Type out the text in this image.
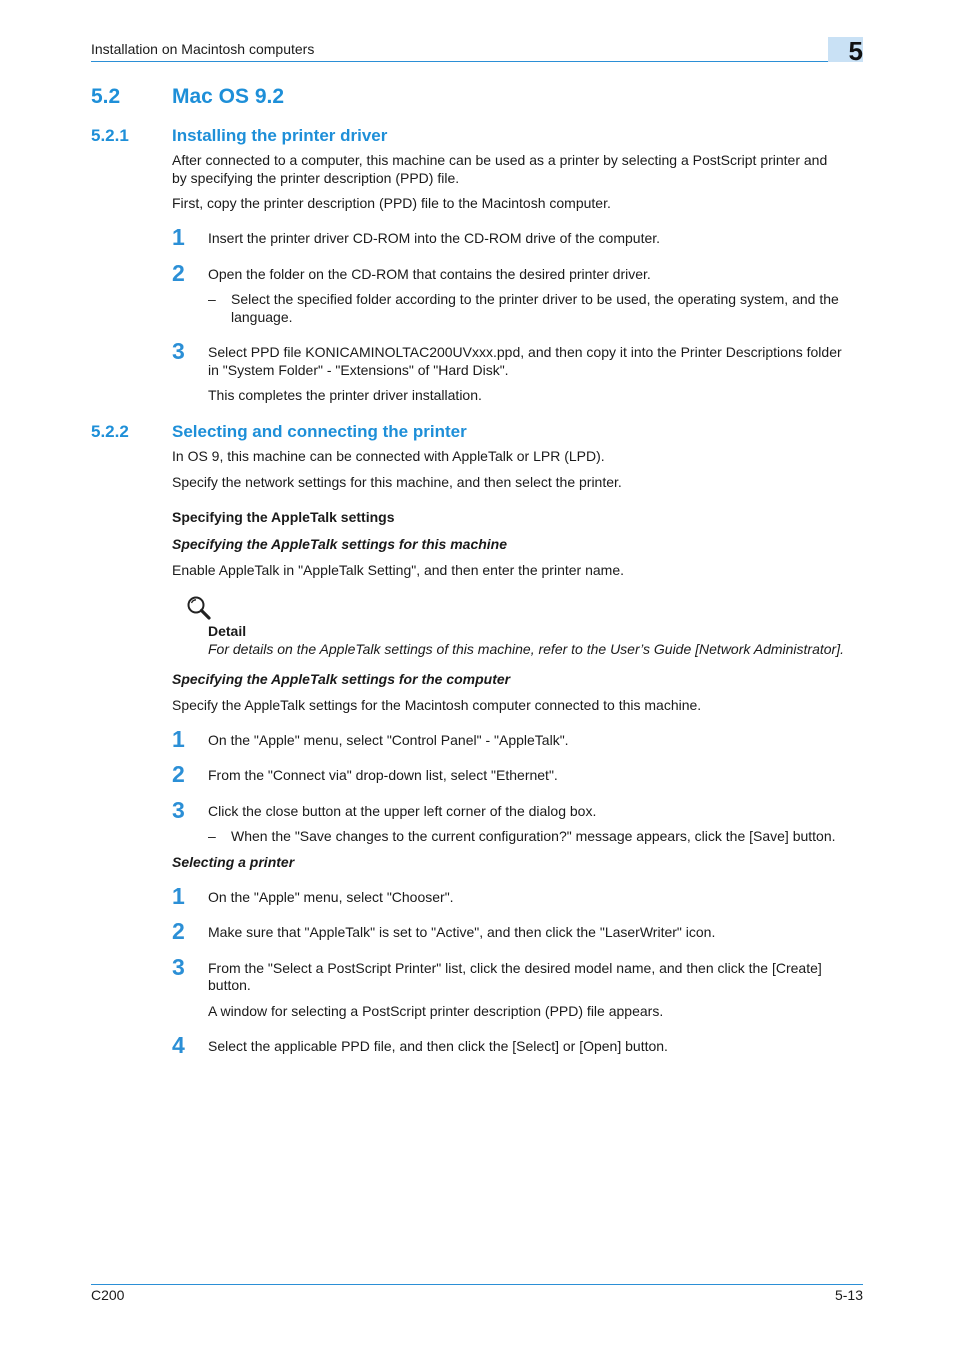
Installation on Macintosh computers	5
5.2 Mac OS 9.2
5.2.1	Installing the printer driver
After connected to a computer, this machine can be used as a printer by selecting a PostScript printer and
by specifying the printer description (PPD) file.
First, copy the printer description (PPD) file to the Macintosh computer.
1 Insert the printer driver CD-ROM into the CD-ROM drive of the computer.
2 Open the folder on the CD-ROM that contains the desired printer driver.
– Select the specified folder according to the printer driver to be used, the operating system, and the
language.
3 Select PPD file KONICAMINOLTAC200UVxxx.ppd, and then copy it into the Printer Descriptions folder
in "System Folder" - "Extensions" of "Hard Disk".
This completes the printer driver installation.
5.2.2	Selecting and connecting the printer
In OS 9, this machine can be connected with AppleTalk or LPR (LPD).
Specify the network settings for this machine, and then select the printer.
Specifying the AppleTalk settings
Specifying the AppleTalk settings for this machine
Enable AppleTalk in "AppleTalk Setting", and then enter the printer name.
Detail
For details on the AppleTalk settings of this machine, refer to the User’s Guide [Network Administrator].
Specifying the AppleTalk settings for the computer
Specify the AppleTalk settings for the Macintosh computer connected to this machine.
1 On the "Apple" menu, select "Control Panel" - "AppleTalk".
2 From the "Connect via" drop-down list, select "Ethernet".
3 Click the close button at the upper left corner of the dialog box.
– When the "Save changes to the current configuration?" message appears, click the [Save] button.
Selecting a printer
1 On the "Apple" menu, select "Chooser".
2 Make sure that "AppleTalk" is set to "Active", and then click the "LaserWriter" icon.
3 From the "Select a PostScript Printer" list, click the desired model name, and then click the [Create]
button.
A window for selecting a PostScript printer description (PPD) file appears.
4 Select the applicable PPD file, and then click the [Select] or [Open] button.
C200	5-13
